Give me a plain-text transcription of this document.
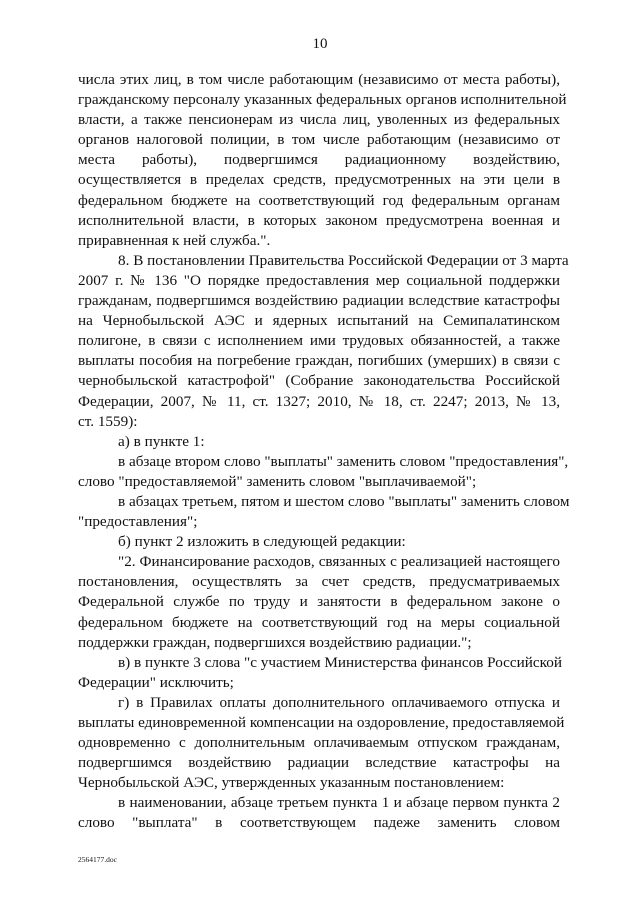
10
числа этих лиц, в том числе работающим (независимо от места работы),
гражданскому персоналу указанных федеральных органов исполнительной
власти, а также пенсионерам из числа лиц, уволенных из федеральных
органов налоговой полиции, в том числе работающим (независимо от
места работы), подвергшимся радиационному воздействию,
осуществляется в пределах средств, предусмотренных на эти цели в
федеральном бюджете на соответствующий год федеральным органам
исполнительной власти, в которых законом предусмотрена военная и
приравненная к ней служба.".
8. В постановлении Правительства Российской Федерации от 3 марта
2007 г. № 136 "О порядке предоставления мер социальной поддержки
гражданам, подвергшимся воздействию радиации вследствие катастрофы
на Чернобыльской АЭС и ядерных испытаний на Семипалатинском
полигоне, в связи с исполнением ими трудовых обязанностей, а также
выплаты пособия на погребение граждан, погибших (умерших) в связи с
чернобыльской катастрофой" (Собрание законодательства Российской
Федерации, 2007, № 11, ст. 1327; 2010, № 18, ст. 2247; 2013, № 13,
ст. 1559):
а) в пункте 1:
в абзаце втором слово "выплаты" заменить словом "предоставления",
слово "предоставляемой" заменить словом "выплачиваемой";
в абзацах третьем, пятом и шестом слово "выплаты" заменить словом
"предоставления";
б) пункт 2 изложить в следующей редакции:
"2. Финансирование расходов, связанных с реализацией настоящего
постановления, осуществлять за счет средств, предусматриваемых
Федеральной службе по труду и занятости в федеральном законе о
федеральном бюджете на соответствующий год на меры социальной
поддержки граждан, подвергшихся воздействию радиации.";
в) в пункте 3 слова "с участием Министерства финансов Российской
Федерации" исключить;
г) в Правилах оплаты дополнительного оплачиваемого отпуска и
выплаты единовременной компенсации на оздоровление, предоставляемой
одновременно с дополнительным оплачиваемым отпуском гражданам,
подвергшимся воздействию радиации вследствие катастрофы на
Чернобыльской АЭС, утвержденных указанным постановлением:
в наименовании, абзаце третьем пункта 1 и абзаце первом пункта 2
слово "выплата" в соответствующем падеже заменить словом
2564177.doc
